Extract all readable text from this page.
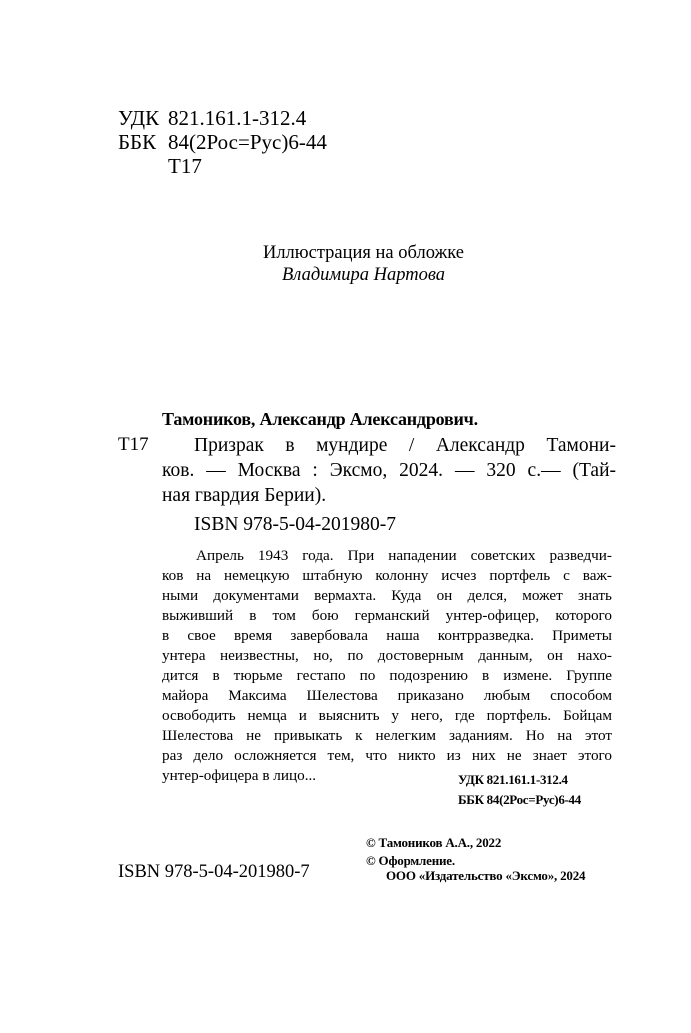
УДК 821.161.1-312.4
ББК 84(2Рос=Рус)6-44
Т17
Иллюстрация на обложке
Владимира Нартова
Тамоников, Александр Александрович.
Т17 Призрак в мундире / Александр Тамони-
ков. — Москва : Эксмо, 2024. — 320 с.— (Тай-
ная гвардия Берии).
ISBN 978-5-04-201980-7
Апрель 1943 года. При нападении советских разведчи-
ков на немецкую штабную колонну исчез портфель с важ-
ными документами вермахта. Куда он делся, может знать
выживший в том бою германский унтер-офицер, которого
в свое время завербовала наша контрразведка. Приметы
унтера неизвестны, но, по достоверным данным, он нахо-
дится в тюрьме гестапо по подозрению в измене. Группе
майора Максима Шелестова приказано любым способом
освободить немца и выяснить у него, где портфель. Бойцам
Шелестова не привыкать к нелегким заданиям. Но на этот
раз дело осложняется тем, что никто из них не знает этого
унтер-офицера в лицо...	УДК 821.161.1-312.4
ББК 84(2Рос=Рус)6-44
ISBN 978-5-04-201980-7
© Тамоников А.А., 2022
© Оформление.
ООО «Издательство «Эксмо», 2024
